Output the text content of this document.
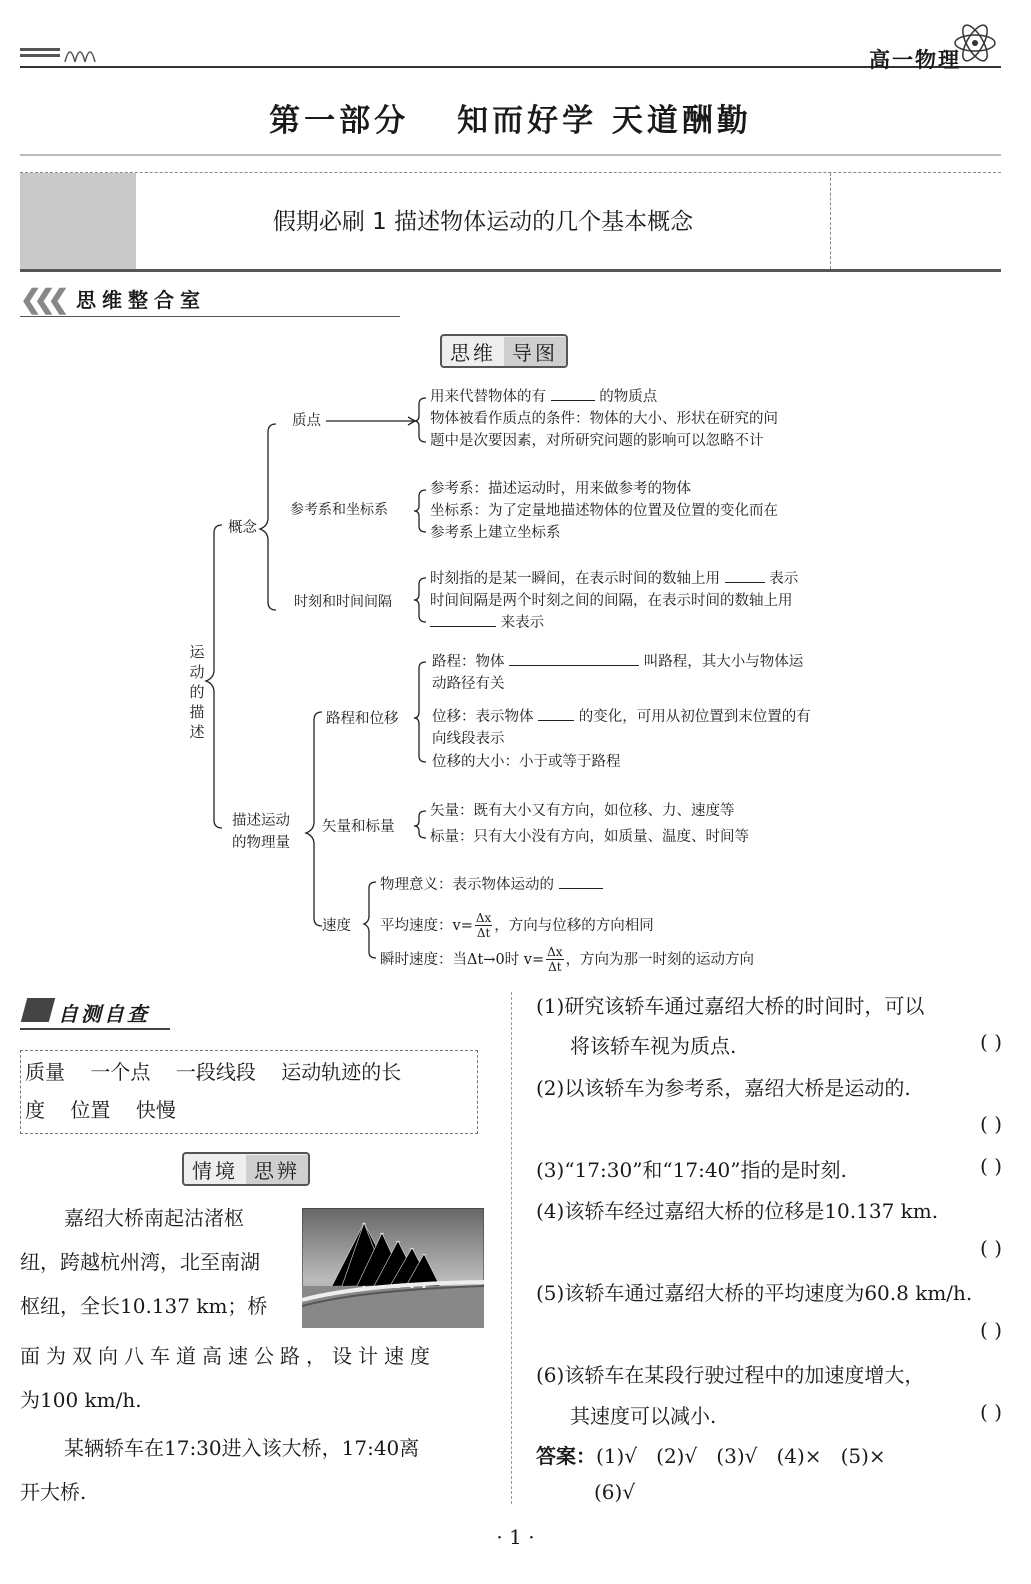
高一物理
第一部分 知而好学 天道酬勤
假期必刷 1 描述物体运动的几个基本概念
❮❮❮ 思维整合室
思维 导图
运动的描述
概念
描述运动
的物理量
质点
参考系和坐标系
时刻和时间间隔
路程和位移
矢量和标量
速度
用来代替物体的有	的物质点
物体被看作质点的条件：物体的大小、形状在研究的问
题中是次要因素，对所研究问题的影响可以忽略不计
参考系：描述运动时，用来做参考的物体
坐标系：为了定量地描述物体的位置及位置的变化而在
参考系上建立坐标系
时刻指的是某一瞬间，在表示时间的数轴上用	表示
时间间隔是两个时刻之间的间隔，在表示时间的数轴上用
来表示
路程：物体	叫路程，其大小与物体运
动路径有关
位移：表示物体	的变化，可用从初位置到末位置的有
向线段表示
位移的大小：小于或等于路程
矢量：既有大小又有方向，如位移、力、速度等
标量：只有大小没有方向，如质量、温度、时间等
物理意义：表示物体运动的
平均速度：$v= \frac{\Delta x}{\Delta t}$ ，方向与位移的方向相同
瞬时速度：当Δt→0时 $v= \frac{\Delta x}{\Delta t}$ ，方向为那一时刻的运动方向
自测自查
质量    一个点    一段线段    运动轨迹的长
度    位置    快慢
情境 思辨
嘉绍大桥南起沽渚枢
纽，跨越杭州湾，北至南湖
枢纽，全长10.137 km；桥
面为双向八车道高速公路，设计速度
为100 km/h.
某辆轿车在17:30进入该大桥，17:40离
开大桥.
(1)研究该轿车通过嘉绍大桥的时间时，可以
将该轿车视为质点.	( )
(2)以该轿车为参考系，嘉绍大桥是运动的.
( )
(3)“17:30”和“17:40”指的是时刻.	( )
(4)该轿车经过嘉绍大桥的位移是10.137 km.
( )
(5)该轿车通过嘉绍大桥的平均速度为60.8 km/h.
( )
(6)该轿车在某段行驶过程中的加速度增大，
其速度可以减小.	( )
答案：(1)√   (2)√   (3)√   (4)×   (5)×
(6)√
· 1 ·
